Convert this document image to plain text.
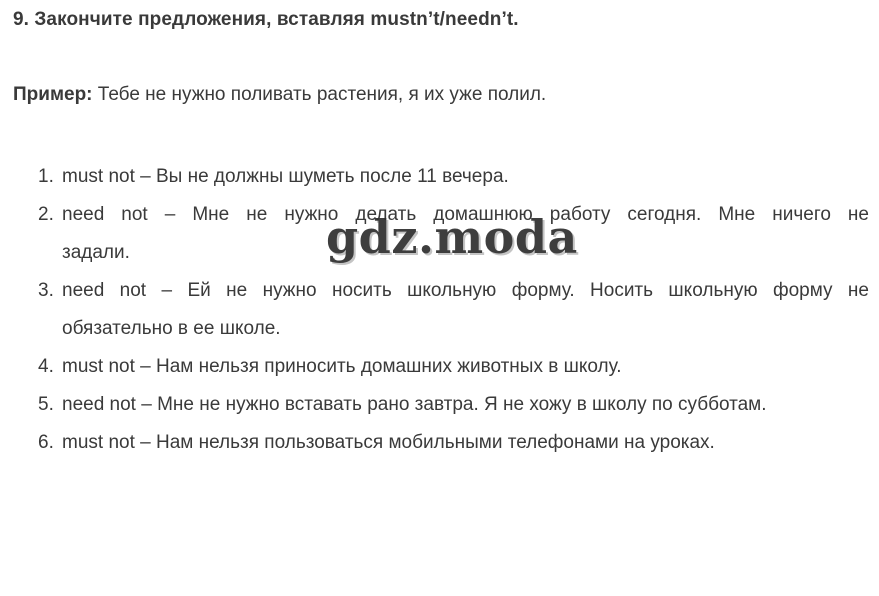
9. Закончите предложения, вставляя mustn’t/needn’t.
Пример: Тебе не нужно поливать растения, я их уже полил.
1. must not – Вы не должны шуметь после 11 вечера.
2. need not – Мне не нужно делать домашнюю работу сегодня. Мне ничего не
задали.
3. need not – Ей не нужно носить школьную форму. Носить школьную форму не
обязательно в ее школе.
4. must not – Нам нельзя приносить домашних животных в школу.
5. need not – Мне не нужно вставать рано завтра. Я не хожу в школу по субботам.
6. must not – Нам нельзя пользоваться мобильными телефонами на уроках.
gdz.moda
